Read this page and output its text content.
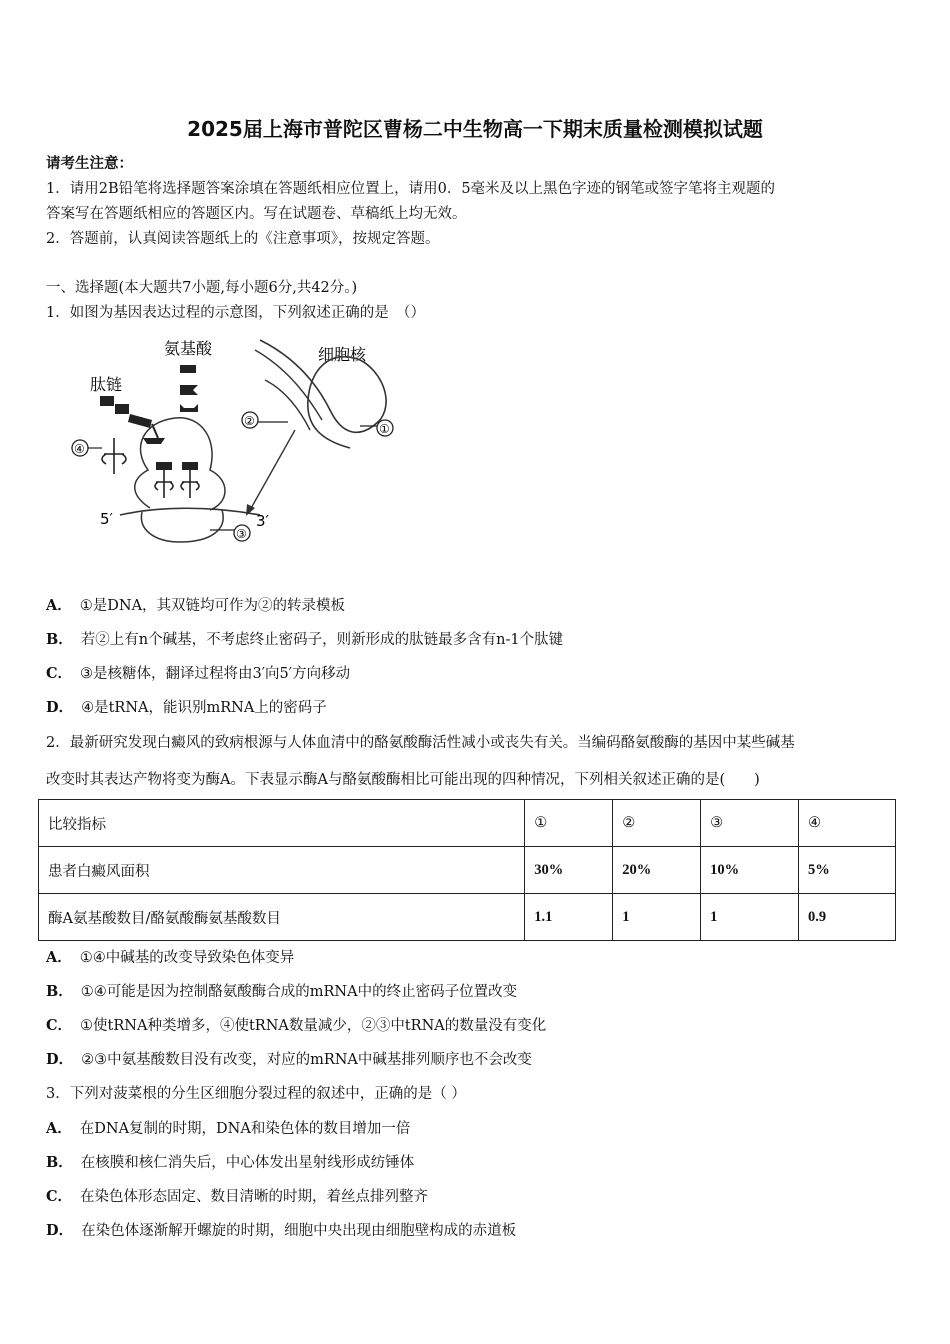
2025届上海市普陀区曹杨二中生物高一下期末质量检测模拟试题
请考生注意：
1．请用2B铅笔将选择题答案涂填在答题纸相应位置上，请用0．5毫米及以上黑色字迹的钢笔或签字笔将主观题的
答案写在答题纸相应的答题区内。写在试题卷、草稿纸上均无效。
2．答题前，认真阅读答题纸上的《注意事项》，按规定答题。
一、选择题(本大题共7小题,每小题6分,共42分。)
1．如图为基因表达过程的示意图，下列叙述正确的是　（）
氨基酸
肽链
细胞核
5′	3′
④
②
①
③
A． ①是DNA，其双链均可作为②的转录模板
B． 若②上有n个碱基，不考虑终止密码子，则新形成的肽链最多含有n-1个肽键
C． ③是核糖体，翻译过程将由3′向5′方向移动
D． ④是tRNA，能识别mRNA上的密码子
2．最新研究发现白癜风的致病根源与人体血清中的酪氨酸酶活性减小或丧失有关。当编码酪氨酸酶的基因中某些碱基
改变时其表达产物将变为酶A。下表显示酶A与酪氨酸酶相比可能出现的四种情况，下列相关叙述正确的是(　　)
比较指标	①	②	③	④
患者白癜风面积	30%	20%	10%	5%
酶A氨基酸数目/酪氨酸酶氨基酸数目	1.1	1	1	0.9
A． ①④中碱基的改变导致染色体变异
B． ①④可能是因为控制酪氨酸酶合成的mRNA中的终止密码子位置改变
C． ①使tRNA种类增多，④使tRNA数量减少，②③中tRNA的数量没有变化
D． ②③中氨基酸数目没有改变，对应的mRNA中碱基排列顺序也不会改变
3．下列对菠菜根的分生区细胞分裂过程的叙述中，正确的是（ ）
A． 在DNA复制的时期，DNA和染色体的数目增加一倍
B． 在核膜和核仁消失后，中心体发出星射线形成纺锤体
C． 在染色体形态固定、数目清晰的时期，着丝点排列整齐
D． 在染色体逐渐解开螺旋的时期，细胞中央出现由细胞壁构成的赤道板
